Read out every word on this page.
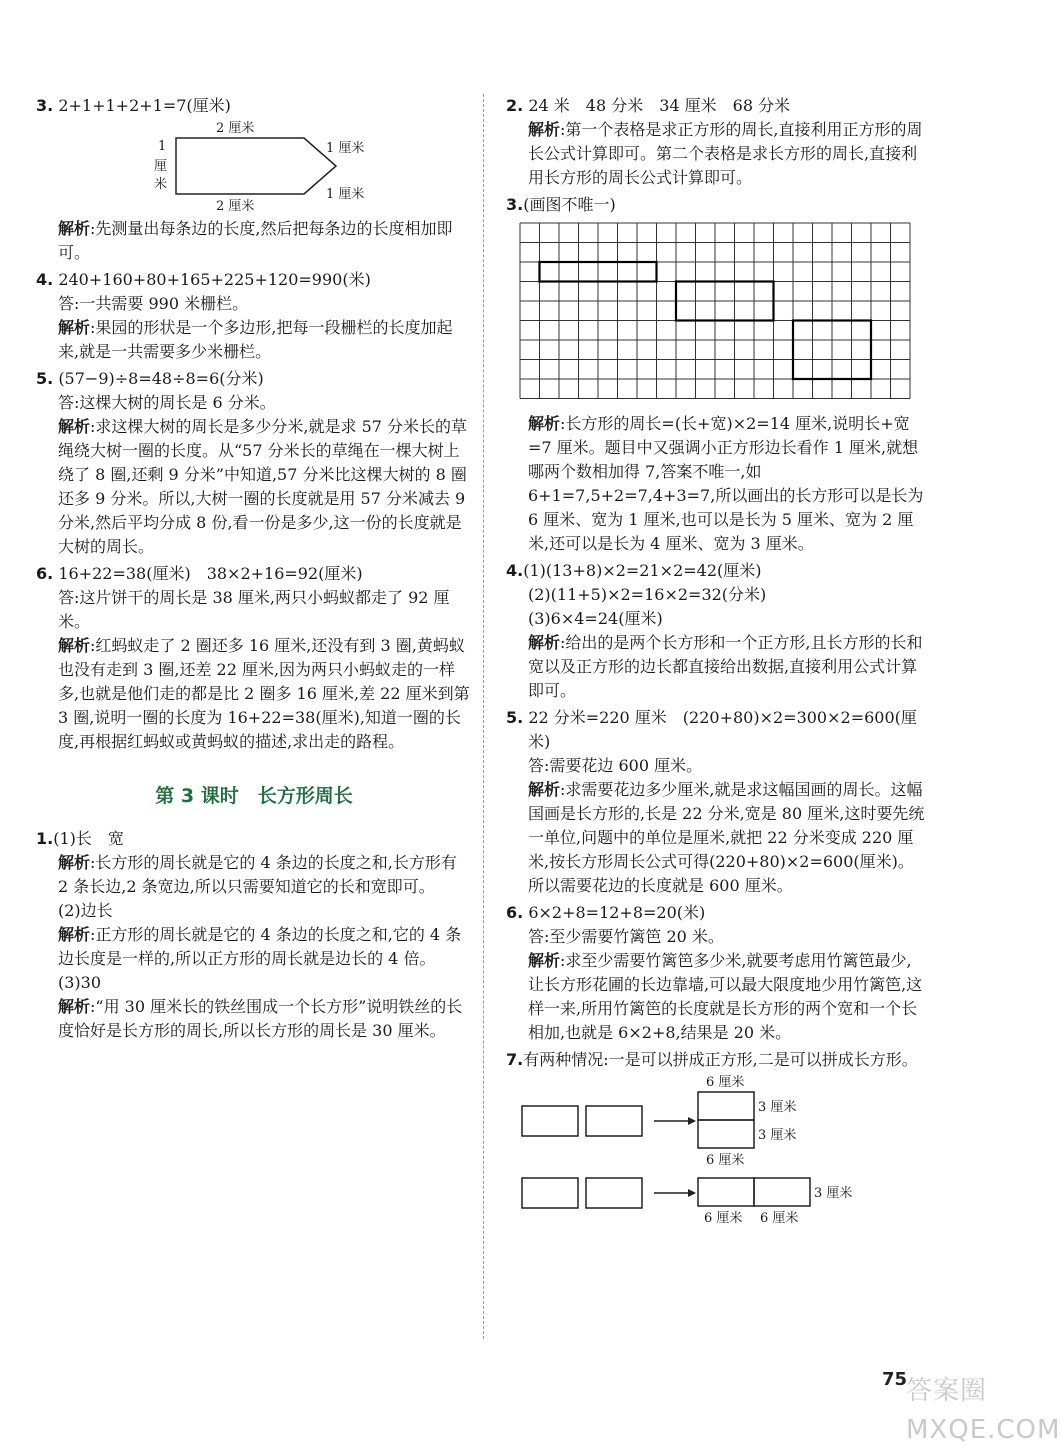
3. 2+1+1+2+1=7(厘米)
2 厘米
2 厘米
1
厘
米
1 厘米
1 厘米

解析:先测量出每条边的长度,然后把每条边的长度相加即可。

4. 240+160+80+165+225+120=990(米)

答:一共需要 990 米栅栏。

解析:果园的形状是一个多边形,把每一段栅栏的长度加起来,就是一共需要多少米栅栏。

5. (57−9)÷8=48÷8=6(分米)

答:这棵大树的周长是 6 分米。

解析:求这棵大树的周长是多少分米,就是求 57 分米长的草绳绕大树一圈的长度。从“57 分米长的草绳在一棵大树上绕了 8 圈,还剩 9 分米”中知道,57 分米比这棵大树的 8 圈还多 9 分米。所以,大树一圈的长度就是用 57 分米减去 9 分米,然后平均分成 8 份,看一份是多少,这一份的长度就是大树的周长。

6. 16+22=38(厘米)　38×2+16=92(厘米)

答:这片饼干的周长是 38 厘米,两只小蚂蚁都走了 92 厘米。

解析:红蚂蚁走了 2 圈还多 16 厘米,还没有到 3 圈,黄蚂蚁也没有走到 3 圈,还差 22 厘米,因为两只小蚂蚁走的一样多,也就是他们走的都是比 2 圈多 16 厘米,差 22 厘米到第 3 圈,说明一圈的长度为 16+22=38(厘米),知道一圈的长度,再根据红蚂蚁或黄蚂蚁的描述,求出走的路程。

第 3 课时　长方形周长
1.(1)长　宽

解析:长方形的周长就是它的 4 条边的长度之和,长方形有 2 条长边,2 条宽边,所以只需要知道它的长和宽即可。

(2)边长

解析:正方形的周长就是它的 4 条边的长度之和,它的 4 条边长度是一样的,所以正方形的周长就是边长的 4 倍。

(3)30

解析:“用 30 厘米长的铁丝围成一个长方形”说明铁丝的长度恰好是长方形的周长,所以长方形的周长是 30 厘米。

2. 24 米　48 分米　34 厘米　68 分米

解析:第一个表格是求正方形的周长,直接利用正方形的周长公式计算即可。第二个表格是求长方形的周长,直接利用长方形的周长公式计算即可。

3.(画图不唯一)

解析:长方形的周长=(长+宽)×2=14 厘米,说明长+宽=7 厘米。题目中又强调小正方形边长看作 1 厘米,就想哪两个数相加得 7,答案不唯一,如 6+1=7,5+2=7,4+3=7,所以画出的长方形可以是长为 6 厘米、宽为 1 厘米,也可以是长为 5 厘米、宽为 2 厘米,还可以是长为 4 厘米、宽为 3 厘米。

4.(1)(13+8)×2=21×2=42(厘米)

(2)(11+5)×2=16×2=32(分米)

(3)6×4=24(厘米)

解析:给出的是两个长方形和一个正方形,且长方形的长和宽以及正方形的边长都直接给出数据,直接利用公式计算即可。

5. 22 分米=220 厘米　(220+80)×2=300×2=600(厘米)

答:需要花边 600 厘米。

解析:求需要花边多少厘米,就是求这幅国画的周长。这幅国画是长方形的,长是 22 分米,宽是 80 厘米,这时要先统一单位,问题中的单位是厘米,就把 22 分米变成 220 厘米,按长方形周长公式可得(220+80)×2=600(厘米)。所以需要花边的长度就是 600 厘米。

6. 6×2+8=12+8=20(米)

答:至少需要竹篱笆 20 米。

解析:求至少需要竹篱笆多少米,就要考虑用竹篱笆最少,让长方形花圃的长边靠墙,可以最大限度地少用竹篱笆,这样一来,所用竹篱笆的长度就是长方形的两个宽和一个长相加,也就是 6×2+8,结果是 20 米。

7.有两种情况:一是可以拼成正方形,二是可以拼成长方形。
6 厘米
3 厘米
3 厘米
6 厘米
3 厘米
6 厘米 6 厘米
75
答案圈 MXQE.COM
